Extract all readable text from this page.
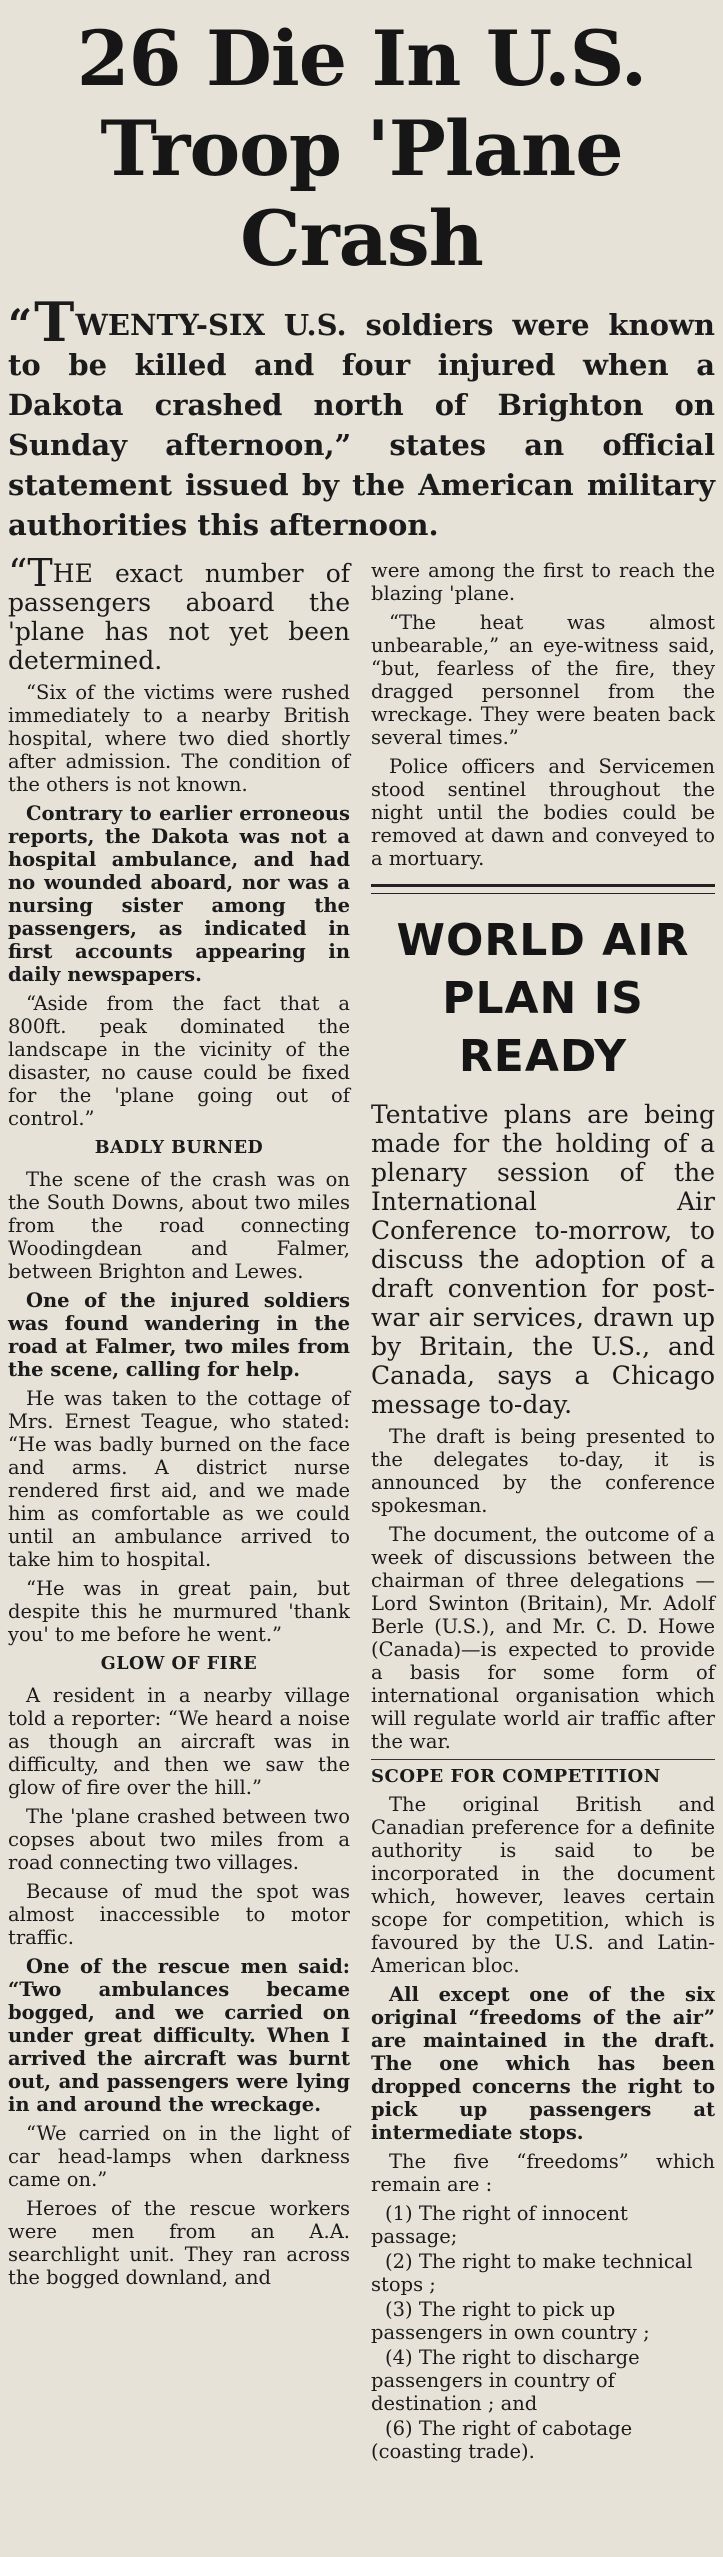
26 Die In U.S.
Troop 'Plane
Crash
“ TWENTY-SIX U.S. soldiers were known to be killed and four injured when a Dakota crashed north of Brighton on Sunday afternoon,” states an official statement issued by the American military authorities this afternoon.

“THE exact number of passengers aboard the 'plane has not yet been determined.

“Six of the victims were rushed immediately to a nearby British hospital, where two died shortly after admission. The condition of the others is not known.

Contrary to earlier erroneous reports, the Dakota was not a hospital ambulance, and had no wounded aboard, nor was a nursing sister among the passengers, as indicated in first accounts appearing in daily newspapers.

“Aside from the fact that a 800ft. peak dominated the landscape in the vicinity of the disaster, no cause could be fixed for the 'plane going out of control.”

BADLY BURNED

The scene of the crash was on the South Downs, about two miles from the road connecting Woodingdean and Falmer, between Brighton and Lewes.

One of the injured soldiers was found wandering in the road at Falmer, two miles from the scene, calling for help.

He was taken to the cottage of Mrs. Ernest Teague, who stated: “He was badly burned on the face and arms. A district nurse rendered first aid, and we made him as comfortable as we could until an ambulance arrived to take him to hospital.

“He was in great pain, but despite this he murmured 'thank you' to me before he went.”

GLOW OF FIRE

A resident in a nearby village told a reporter: “We heard a noise as though an aircraft was in difficulty, and then we saw the glow of fire over the hill.”

The 'plane crashed between two copses about two miles from a road connecting two villages.

Because of mud the spot was almost inaccessible to motor traffic.

One of the rescue men said: “Two ambulances became bogged, and we carried on under great difficulty. When I arrived the aircraft was burnt out, and passengers were lying in and around the wreckage.

“We carried on in the light of car head-lamps when darkness came on.”

Heroes of the rescue workers were men from an A.A. searchlight unit. They ran across the bogged downland, and

were among the first to reach the blazing 'plane.

“The heat was almost unbearable,” an eye-witness said, “but, fearless of the fire, they dragged personnel from the wreckage. They were beaten back several times.”

Police officers and Servicemen stood sentinel throughout the night until the bodies could be removed at dawn and conveyed to a mortuary.

WORLD AIR
PLAN IS
READY

Tentative plans are being made for the holding of a plenary session of the International Air Conference to-morrow, to discuss the adoption of a draft convention for post-war air services, drawn up by Britain, the U.S., and Canada, says a Chicago message to-day.

The draft is being presented to the delegates to-day, it is announced by the conference spokesman.

The document, the outcome of a week of discussions between the chairman of three delegations — Lord Swinton (Britain), Mr. Adolf Berle (U.S.), and Mr. C. D. Howe (Canada)—is expected to provide a basis for some form of international organisation which will regulate world air traffic after the war.

SCOPE FOR COMPETITION

The original British and Canadian preference for a definite authority is said to be incorporated in the document which, however, leaves certain scope for competition, which is favoured by the U.S. and Latin-American bloc.

All except one of the six original “freedoms of the air” are maintained in the draft. The one which has been dropped concerns the right to pick up passengers at intermediate stops.

The five “freedoms” which remain are :

(1) The right of innocent passage;
(2) The right to make technical stops ;
(3) The right to pick up passengers in own country ;
(4) The right to discharge passengers in country of destination ; and
(6) The right of cabotage (coasting trade).
